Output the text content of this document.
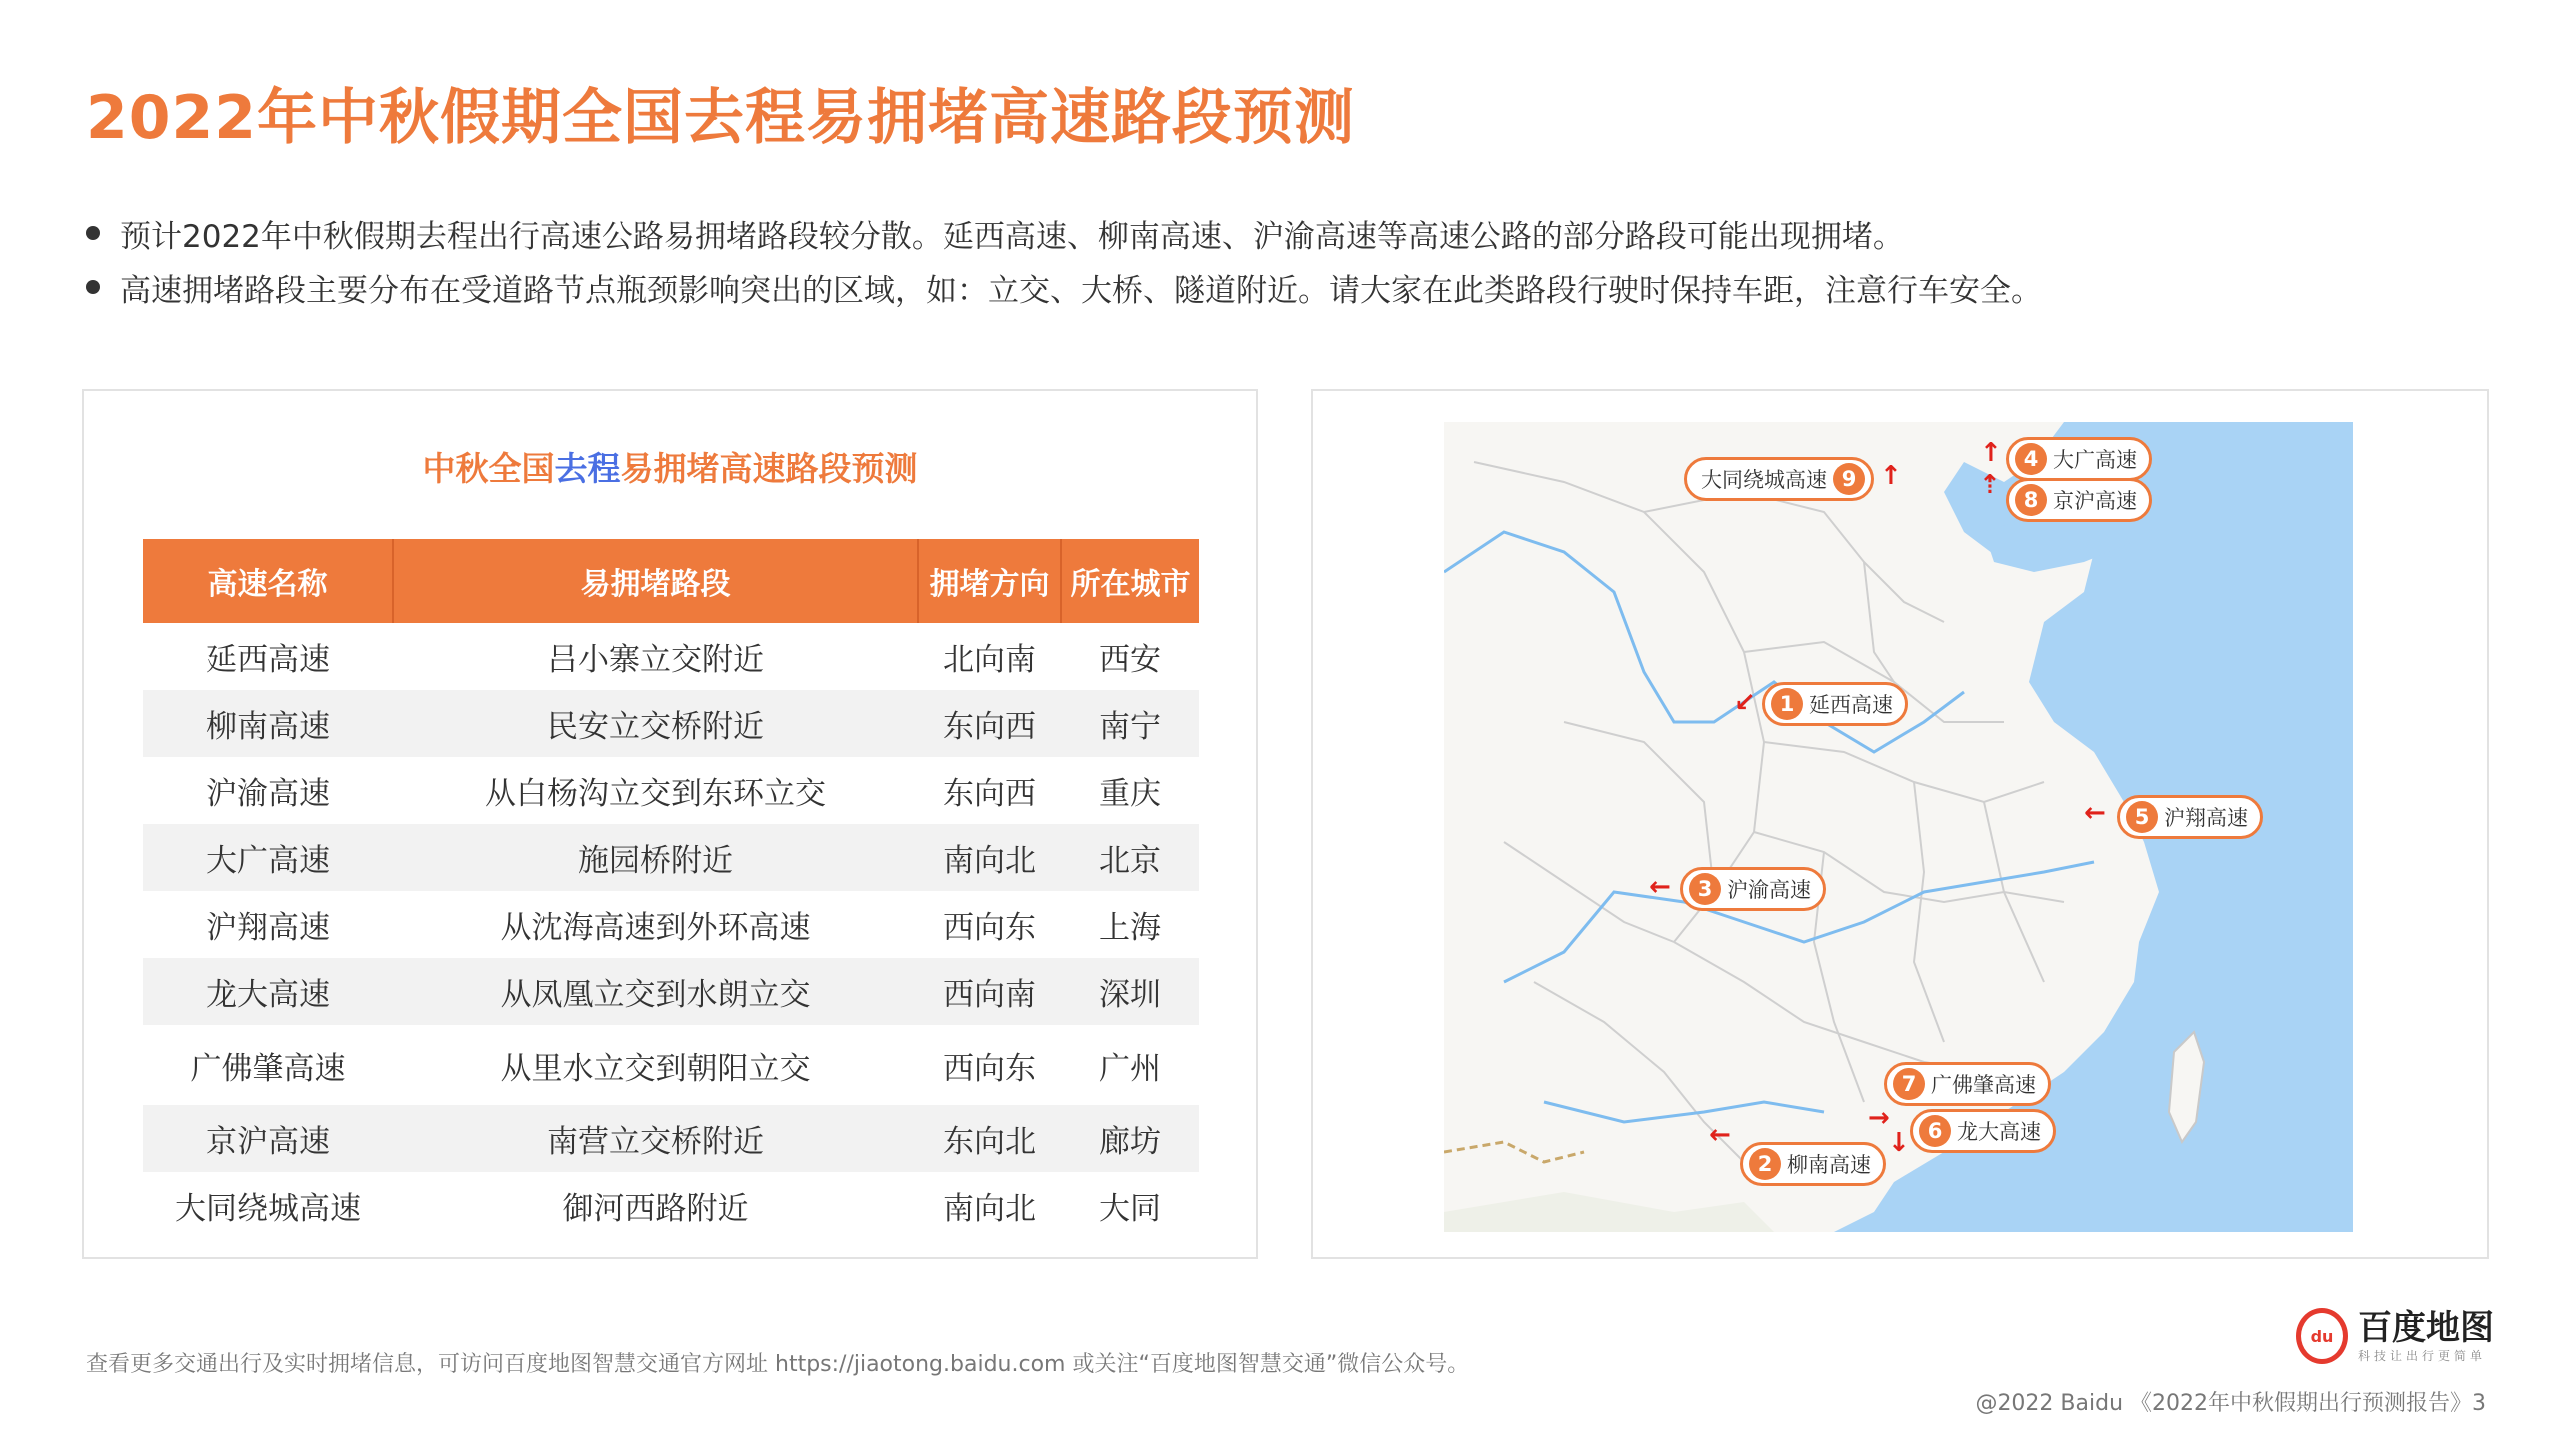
2022年中秋假期全国去程易拥堵高速路段预测
预计2022年中秋假期去程出行高速公路易拥堵路段较分散。延西高速、柳南高速、沪渝高速等高速公路的部分路段可能出现拥堵。
高速拥堵路段主要分布在受道路节点瓶颈影响突出的区域，如：立交、大桥、隧道附近。请大家在此类路段行驶时保持车距，注意行车安全。
中秋全国去程易拥堵高速路段预测
高速名称	易拥堵路段	拥堵方向	所在城市
延西高速	吕小寨立交附近	北向南	西安
柳南高速	民安立交桥附近	东向西	南宁
沪渝高速	从白杨沟立交到东环立交	东向西	重庆
大广高速	施园桥附近	南向北	北京
沪翔高速	从沈海高速到外环高速	西向东	上海
龙大高速	从凤凰立交到水朗立交	西向南	深圳
广佛肇高速	从里水立交到朝阳立交	西向东	广州
京沪高速	南营立交桥附近	东向北	廊坊
大同绕城高速	御河西路附近	南向北	大同
大同绕城高速 9 ↑
4 大广高速
↑
8 京沪高速
⇡
1 延西高速
↙
5 沪翔高速
←
3 沪渝高速
←
7 广佛肇高速
→	6 龙大高速
↓
2 柳南高速
←
查看更多交通出行及实时拥堵信息，可访问百度地图智慧交通官方网址 https://jiaotong.baidu.com 或关注“百度地图智慧交通”微信公众号。
du 百度地图
科技让出行更简单
@2022 Baidu 《2022年中秋假期出行预测报告》3
